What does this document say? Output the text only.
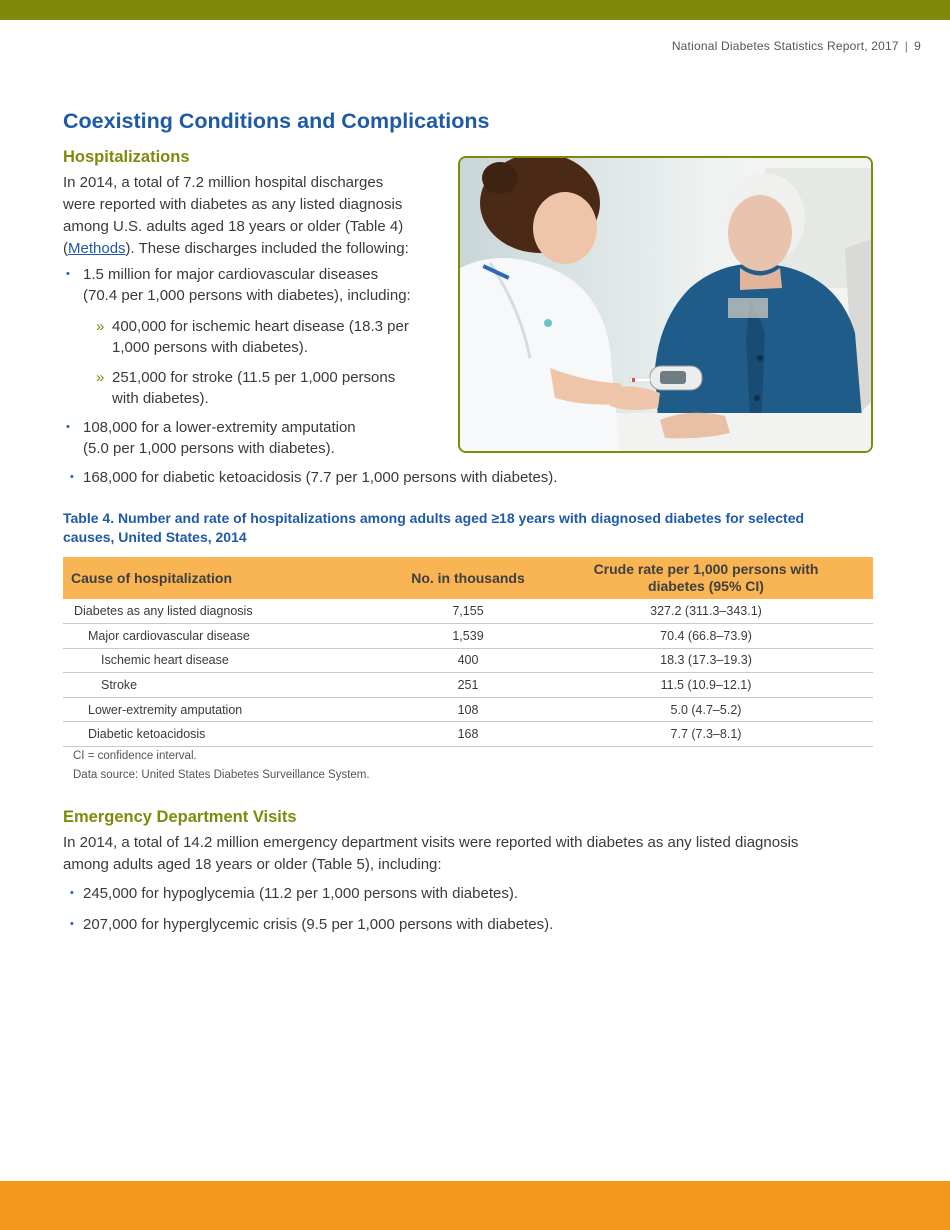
National Diabetes Statistics Report, 2017 | 9
Coexisting Conditions and Complications
Hospitalizations
In 2014, a total of 7.2 million hospital discharges
were reported with diabetes as any listed diagnosis
among U.S. adults aged 18 years or older (Table 4)
(Methods). These discharges included the following:
• 1.5 million for major cardiovascular diseases
(70.4 per 1,000 persons with diabetes), including:
» 400,000 for ischemic heart disease (18.3 per
1,000 persons with diabetes).
» 251,000 for stroke (11.5 per 1,000 persons
with diabetes).
• 108,000 for a lower-extremity amputation
(5.0 per 1,000 persons with diabetes).
• 168,000 for diabetic ketoacidosis (7.7 per 1,000 persons with diabetes).
Table 4. Number and rate of hospitalizations among adults aged ≥18 years with diagnosed diabetes for selected
causes, United States, 2014
Cause of hospitalization	No. in thousands	Crude rate per 1,000 persons with
diabetes (95% CI)

Diabetes as any listed diagnosis	7,155	327.2 (311.3–343.1)
Major cardiovascular disease	1,539	70.4 (66.8–73.9)
Ischemic heart disease	400	18.3 (17.3–19.3)
Stroke	251	11.5 (10.9–12.1)
Lower-extremity amputation	108	5.0 (4.7–5.2)
Diabetic ketoacidosis	168	7.7 (7.3–8.1)
CI = confidence interval.
Data source: United States Diabetes Surveillance System.
Emergency Department Visits
In 2014, a total of 14.2 million emergency department visits were reported with diabetes as any listed diagnosis
among adults aged 18 years or older (Table 5), including:
• 245,000 for hypoglycemia (11.2 per 1,000 persons with diabetes).
• 207,000 for hyperglycemic crisis (9.5 per 1,000 persons with diabetes).
